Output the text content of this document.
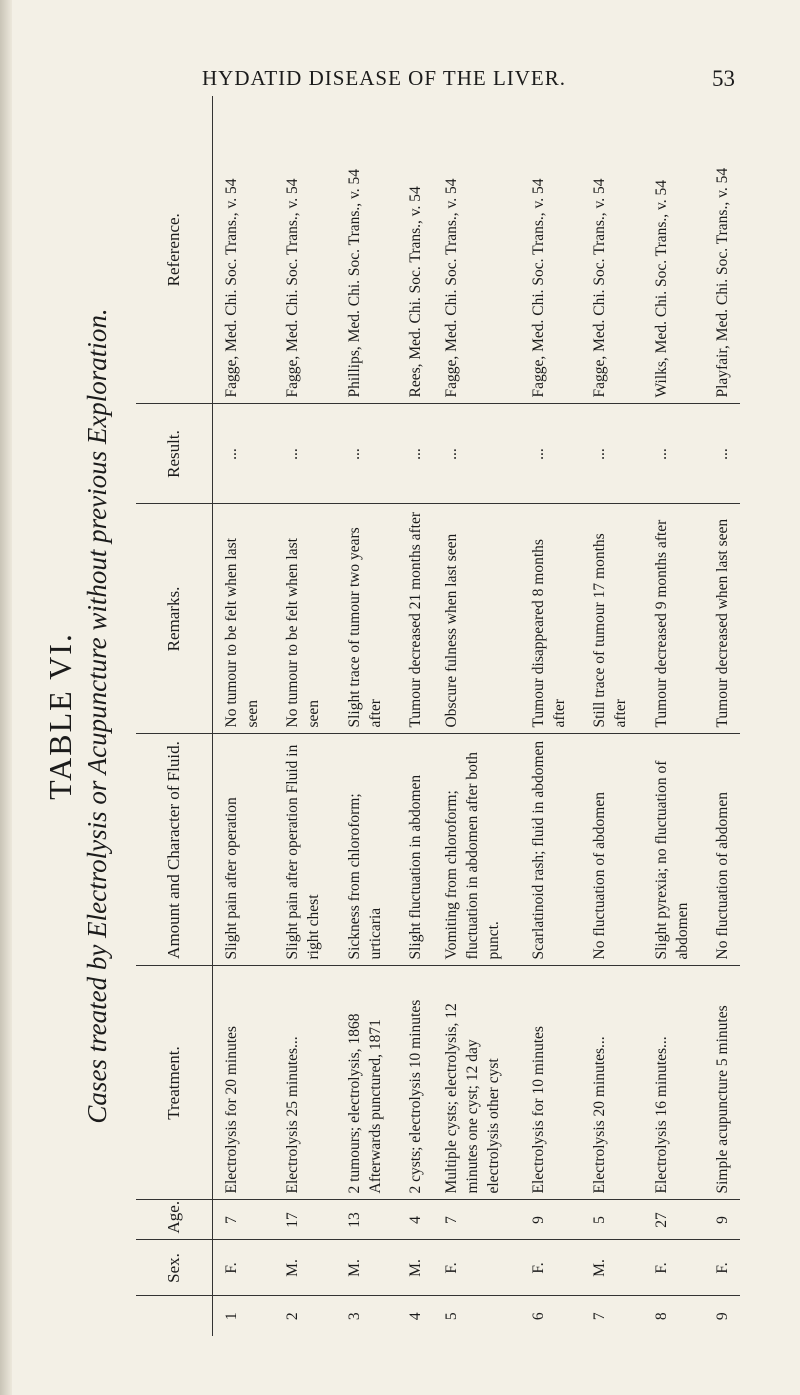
HYDATID DISEASE OF THE LIVER.	53
TABLE VI. Cases treated by Electrolysis or Acupuncture without previous Exploration.
	Sex.	Age.	Treatment.	Amount and Character of Fluid.	Remarks.	Result.	Reference.
1	F.	7	Electrolysis for 20 minutes	Slight pain after operation	No tumour to be felt when last seen	...	Fagge, Med. Chi. Soc. Trans., v. 54
2	M.	17	Electrolysis 25 minutes...	Slight pain after operation Fluid in right chest	No tumour to be felt when last seen	...	Fagge, Med. Chi. Soc. Trans., v. 54
3	M.	13	2 tumours; electrolysis, 1868 Afterwards punctured, 1871	Sickness from chloroform; urticaria	Slight trace of tumour two years after	...	Phillips, Med. Chi. Soc. Trans., v. 54
4	M.	4	2 cysts; electrolysis 10 minutes	Slight fluctuation in abdomen	Tumour decreased 21 months after	...	Rees, Med. Chi. Soc. Trans., v. 54
5	F.	7	Multiple cysts; electrolysis, 12 minutes one cyst; 12 day electrolysis other cyst	Vomiting from chloroform; fluctuation in abdomen after both punct.	Obscure fulness when last seen	...	Fagge, Med. Chi. Soc. Trans., v. 54
6	F.	9	Electrolysis for 10 minutes	Scarlatinoid rash; fluid in abdomen	Tumour disappeared 8 months after	...	Fagge, Med. Chi. Soc. Trans., v. 54
7	M.	5	Electrolysis 20 minutes...	No fluctuation of abdomen	Still trace of tumour 17 months after	...	Fagge, Med. Chi. Soc. Trans., v. 54
8	F.	27	Electrolysis 16 minutes...	Slight pyrexia; no fluctuation of abdomen	Tumour decreased 9 months after	...	Wilks, Med. Chi. Soc. Trans., v. 54
9	F.	9	Simple acupuncture 5 minutes	No fluctuation of abdomen	Tumour decreased when last seen	...	Playfair, Med. Chi. Soc. Trans., v. 54
